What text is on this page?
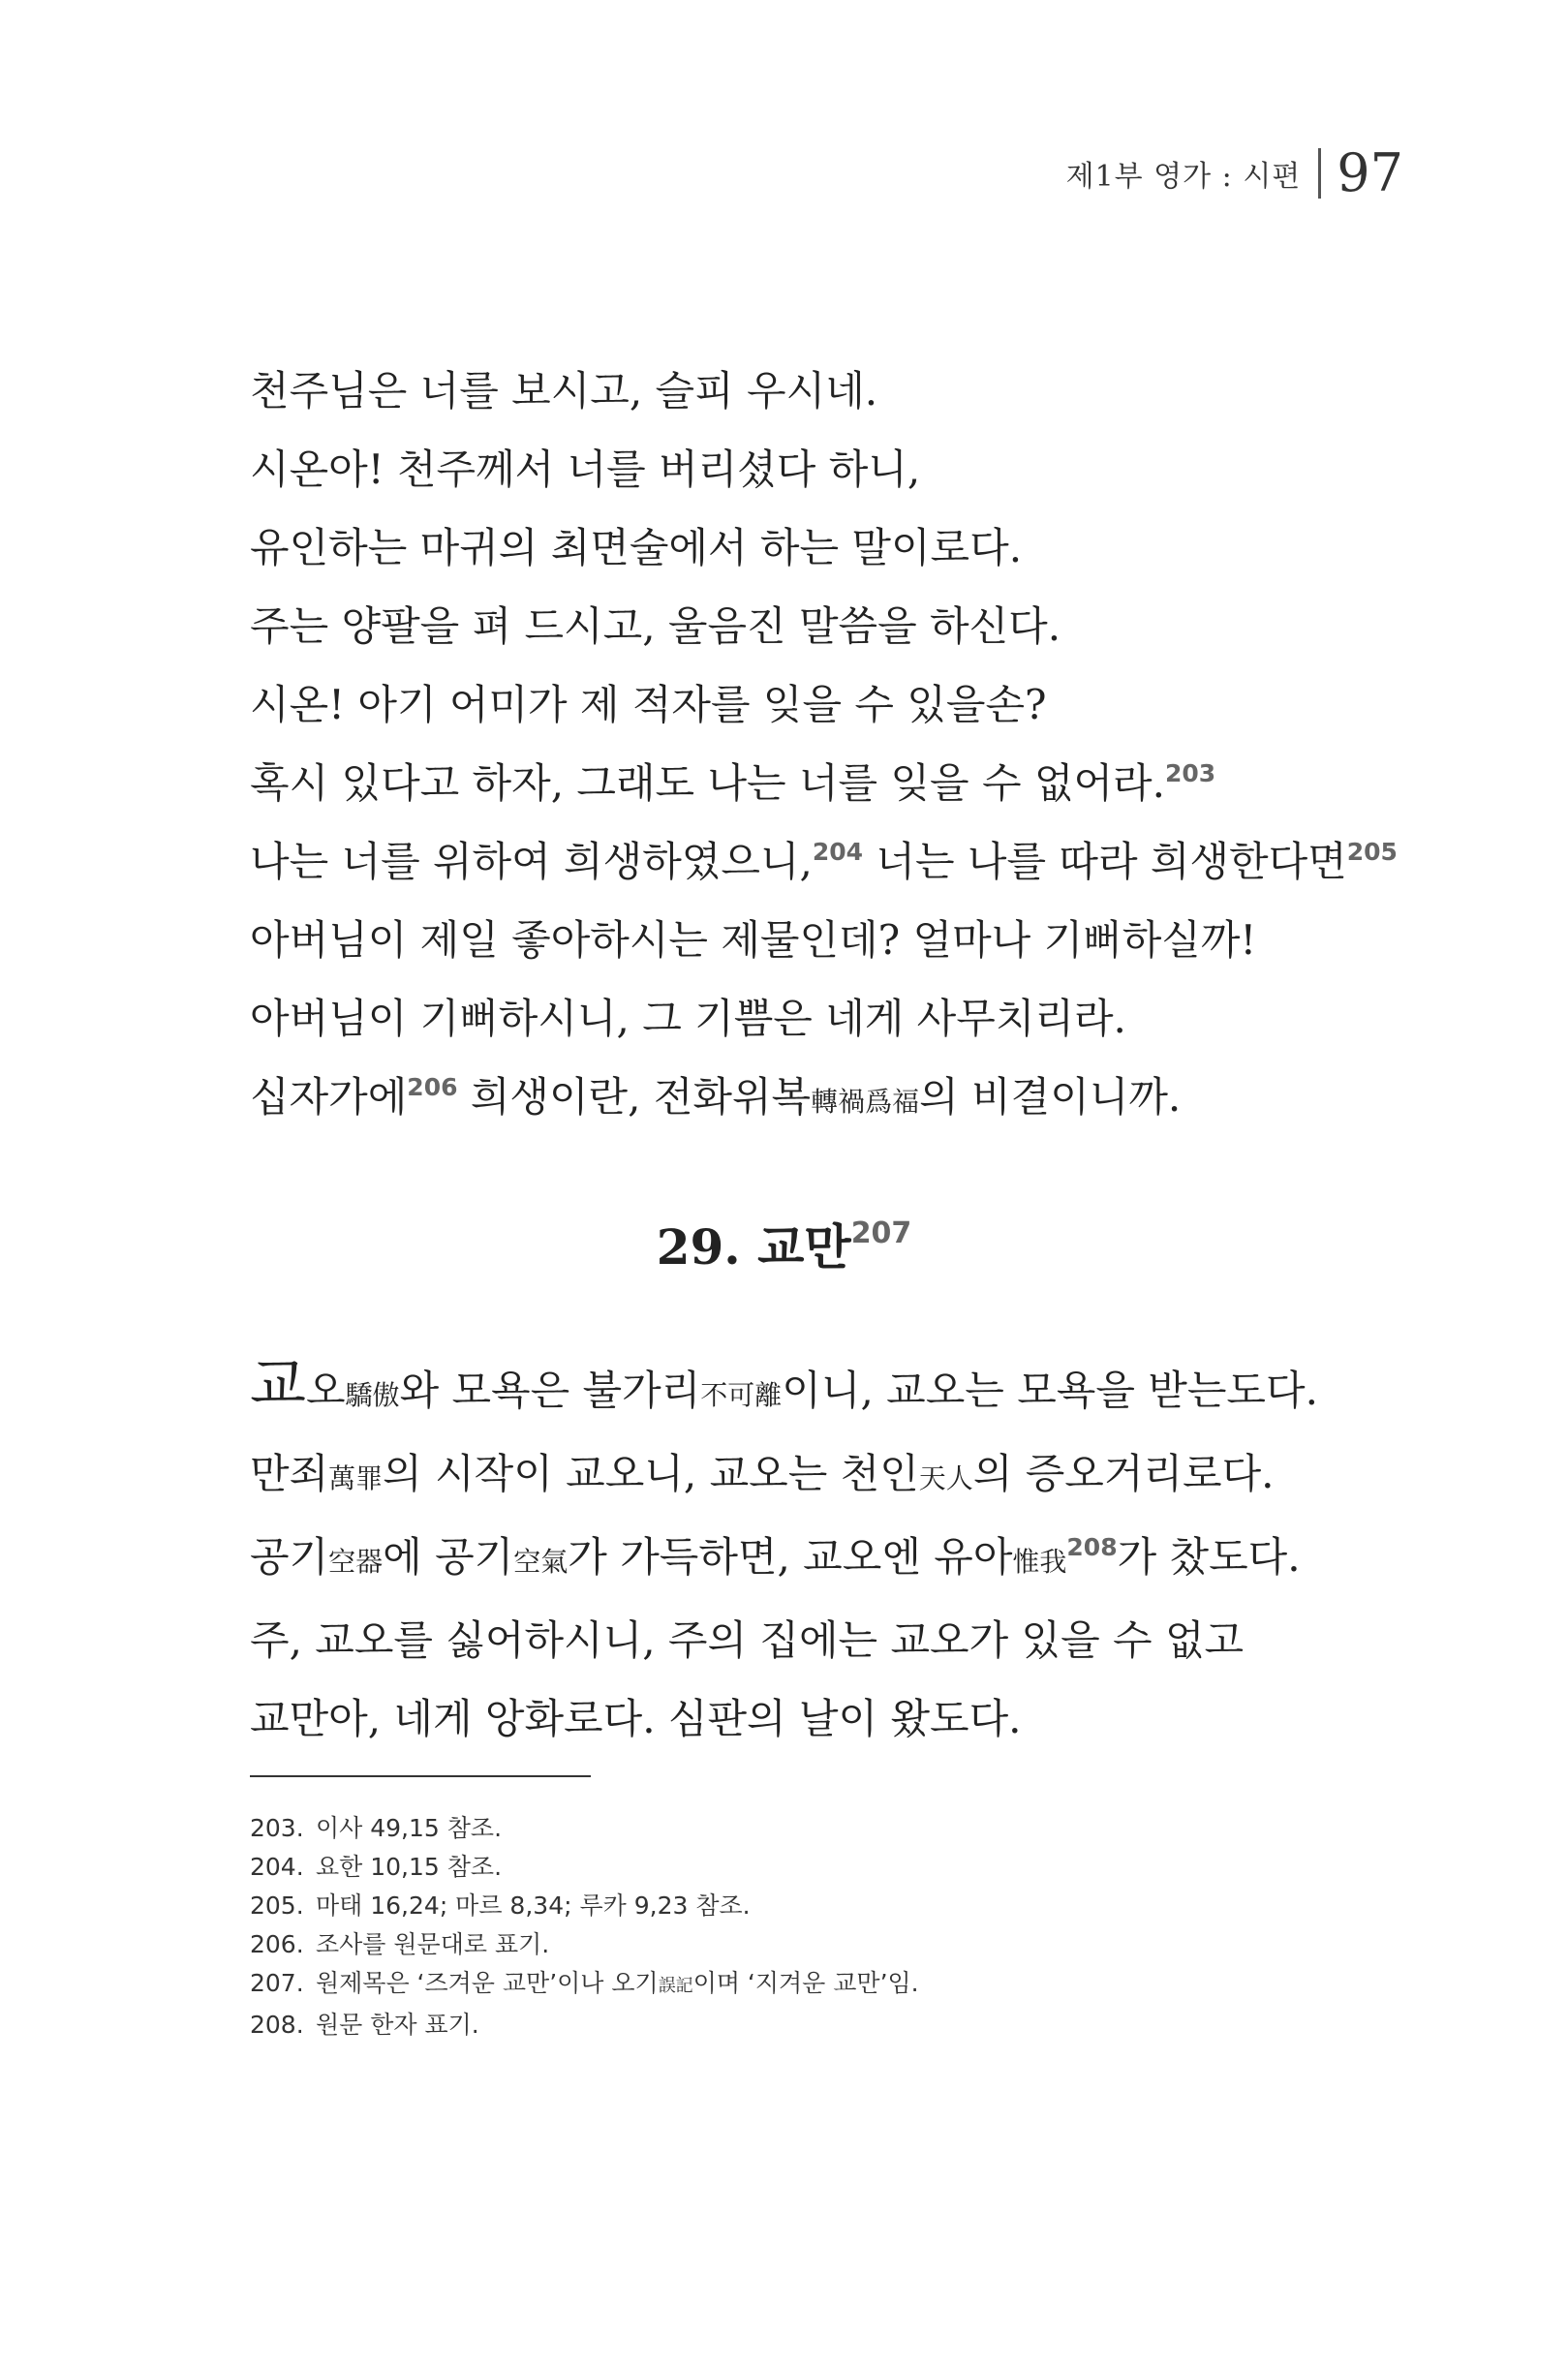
제1부 영가 : 시편 97
천주님은 너를 보시고, 슬피 우시네.
시온아! 천주께서 너를 버리셨다 하니,
유인하는 마귀의 최면술에서 하는 말이로다.
주는 양팔을 펴 드시고, 울음진 말씀을 하신다.
시온! 아기 어미가 제 적자를 잊을 수 있을손?
혹시 있다고 하자, 그래도 나는 너를 잊을 수 없어라.$^{203}$
나는 너를 위하여 희생하였으니,$^{204}$ 너는 나를 따라 희생한다면$^{205}$
아버님이 제일 좋아하시는 제물인데? 얼마나 기뻐하실까!
아버님이 기뻐하시니, 그 기쁨은 네게 사무치리라.
십자가에$^{206}$ 희생이란, 전화위복轉禍爲福의 비결이니까.
29. 교만$^{207}$
교오驕傲와 모욕은 불가리不可離이니, 교오는 모욕을 받는도다.
만죄萬罪의 시작이 교오니, 교오는 천인天人의 증오거리로다.
공기空器에 공기空氣가 가득하면, 교오엔 유아惟我$^{208}$가 찼도다.
주, 교오를 싫어하시니, 주의 집에는 교오가 있을 수 없고
교만아, 네게 앙화로다. 심판의 날이 왔도다.
203. 이사 49,15 참조.
204. 요한 10,15 참조.
205. 마태 16,24; 마르 8,34; 루카 9,23 참조.
206. 조사를 원문대로 표기.
207. 원제목은 ‘즈겨운 교만’이나 오기誤記이며 ‘지겨운 교만’임.
208. 원문 한자 표기.
